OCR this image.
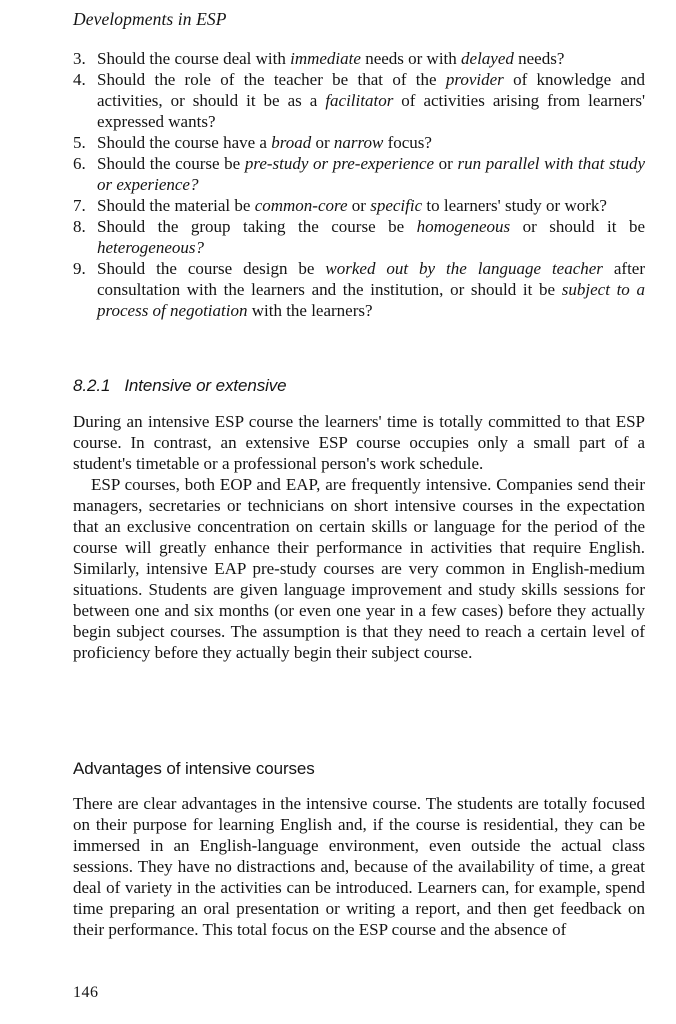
Developments in ESP
3. Should the course deal with immediate needs or with delayed needs?
4. Should the role of the teacher be that of the provider of knowledge and activities, or should it be as a facilitator of activities arising from learners' expressed wants?
5. Should the course have a broad or narrow focus?
6. Should the course be pre-study or pre-experience or run parallel with that study or experience?
7. Should the material be common-core or specific to learners' study or work?
8. Should the group taking the course be homogeneous or should it be heterogeneous?
9. Should the course design be worked out by the language teacher after consultation with the learners and the institution, or should it be subject to a process of negotiation with the learners?
8.2.1 Intensive or extensive

During an intensive ESP course the learners' time is totally committed to that ESP course. In contrast, an extensive ESP course occupies only a small part of a student's timetable or a professional person's work schedule.

ESP courses, both EOP and EAP, are frequently intensive. Companies send their managers, secretaries or technicians on short intensive courses in the expectation that an exclusive concentration on certain skills or language for the period of the course will greatly enhance their performance in activities that require English. Similarly, intensive EAP pre-study courses are very common in English-medium situations. Students are given language improvement and study skills sessions for between one and six months (or even one year in a few cases) before they actually begin subject courses. The assumption is that they need to reach a certain level of proficiency before they actually begin their subject course.

Advantages of intensive courses

There are clear advantages in the intensive course. The students are totally focused on their purpose for learning English and, if the course is residential, they can be immersed in an English-language environment, even outside the actual class sessions. They have no distractions and, because of the availability of time, a great deal of variety in the activities can be introduced. Learners can, for example, spend time preparing an oral presentation or writing a report, and then get feedback on their performance. This total focus on the ESP course and the absence of

146
